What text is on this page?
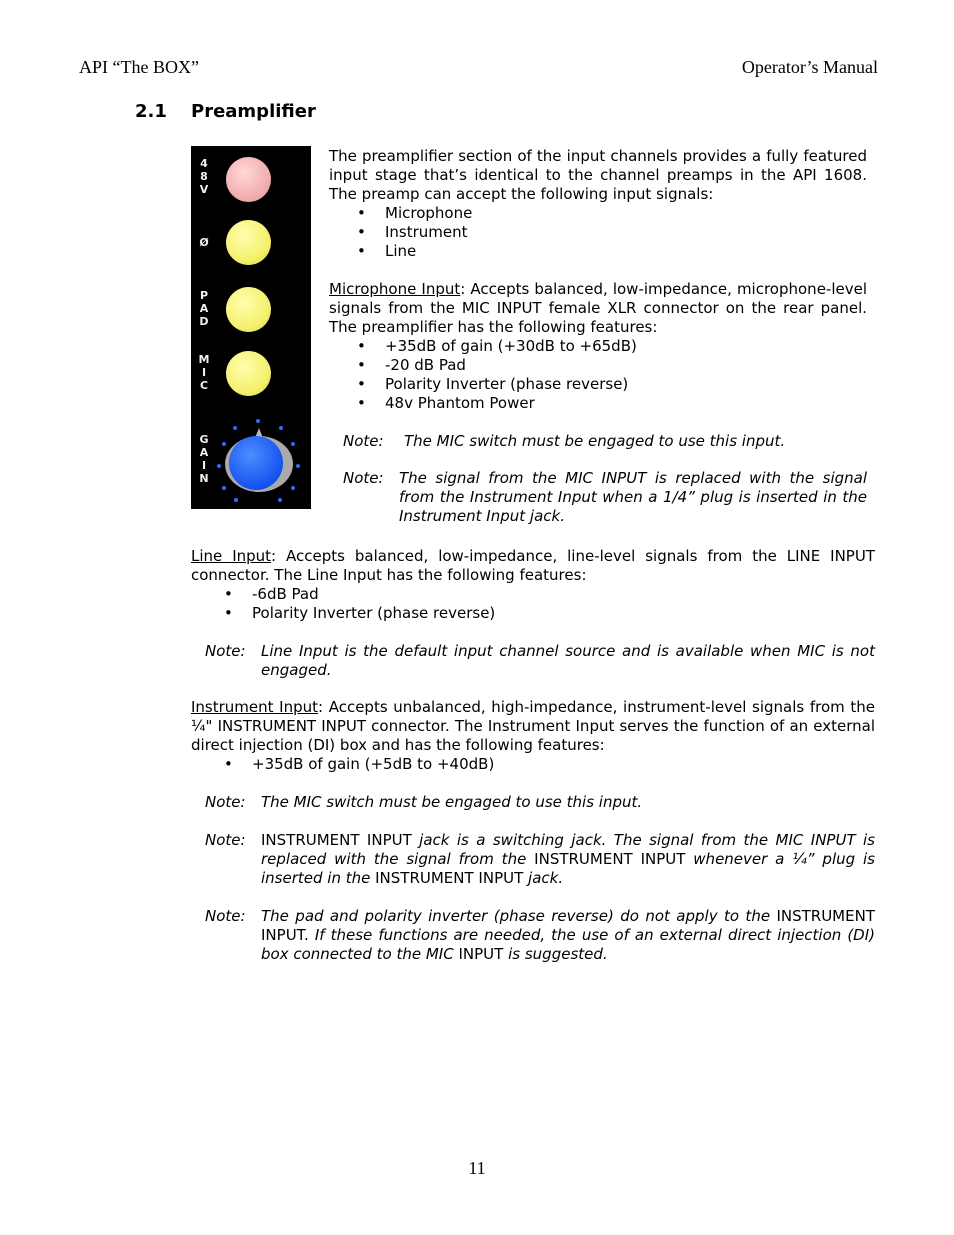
API “The BOX”	Operator’s Manual
2.1 Preamplifier
4
8
V
Ø
P
A
D
M
I
C
G
A
I
N

The preamplifier section of the input channels provides a fully featured input stage that’s identical to the channel preamps in the API 1608. The preamp can accept the following input signals:

• Microphone
• Instrument
• Line

Microphone Input: Accepts balanced, low-impedance, microphone-level signals from the MIC INPUT female XLR connector on the rear panel. The preamplifier has the following features:

• +35dB of gain (+30dB to +65dB)
• -20 dB Pad
• Polarity Inverter (phase reverse)
• 48v Phantom Power
Note:	The MIC switch must be engaged to use this input.
Note:	The signal from the MIC INPUT is replaced with the signal from the Instrument Input when a 1/4” plug is inserted in the Instrument Input jack.

Line Input: Accepts balanced, low-impedance, line-level signals from the LINE INPUT connector. The Line Input has the following features:

• -6dB Pad
• Polarity Inverter (phase reverse)
Note:	Line Input is the default input channel source and is available when MIC is not engaged.

Instrument Input: Accepts unbalanced, high-impedance, instrument-level signals from the ¼" INSTRUMENT INPUT connector. The Instrument Input serves the function of an external direct injection (DI) box and has the following features:

• +35dB of gain (+5dB to +40dB)
Note:	The MIC switch must be engaged to use this input.
Note:	INSTRUMENT INPUT jack is a switching jack. The signal from the MIC INPUT is replaced with the signal from the INSTRUMENT INPUT whenever a ¼” plug is inserted in the INSTRUMENT INPUT jack.
Note:	The pad and polarity inverter (phase reverse) do not apply to the INSTRUMENT INPUT. If these functions are needed, the use of an external direct injection (DI) box connected to the MIC INPUT is suggested.
11
